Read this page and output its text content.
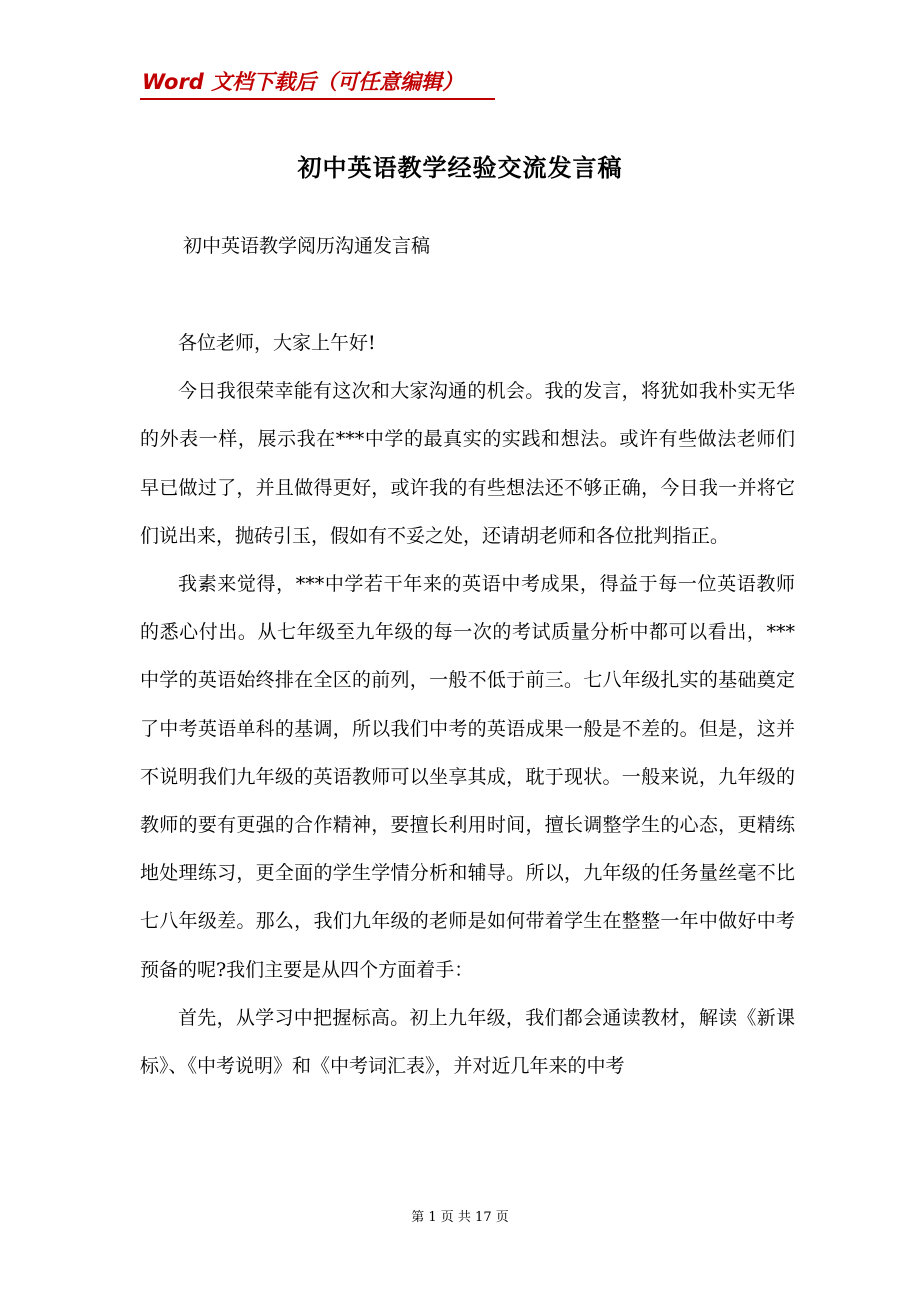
Word 文档下载后（可任意编辑）
初中英语教学经验交流发言稿
初中英语教学阅历沟通发言稿

各位老师，大家上午好!

今日我很荣幸能有这次和大家沟通的机会。我的发言，将犹如我朴实无华的外表一样，展示我在***中学的最真实的实践和想法。或许有些做法老师们早已做过了，并且做得更好，或许我的有些想法还不够正确，今日我一并将它们说出来，抛砖引玉，假如有不妥之处，还请胡老师和各位批判指正。

我素来觉得，***中学若干年来的英语中考成果，得益于每一位英语教师的悉心付出。从七年级至九年级的每一次的考试质量分析中都可以看出，***中学的英语始终排在全区的前列，一般不低于前三。七八年级扎实的基础奠定了中考英语单科的基调，所以我们中考的英语成果一般是不差的。但是，这并不说明我们九年级的英语教师可以坐享其成，耽于现状。一般来说，九年级的教师的要有更强的合作精神，要擅长利用时间，擅长调整学生的心态，更精练地处理练习，更全面的学生学情分析和辅导。所以，九年级的任务量丝毫不比七八年级差。那么，我们九年级的老师是如何带着学生在整整一年中做好中考预备的呢?我们主要是从四个方面着手：

首先，从学习中把握标高。初上九年级，我们都会通读教材，解读《新课标》、《中考说明》和《中考词汇表》，并对近几年来的中考

第 1 页 共 17 页
